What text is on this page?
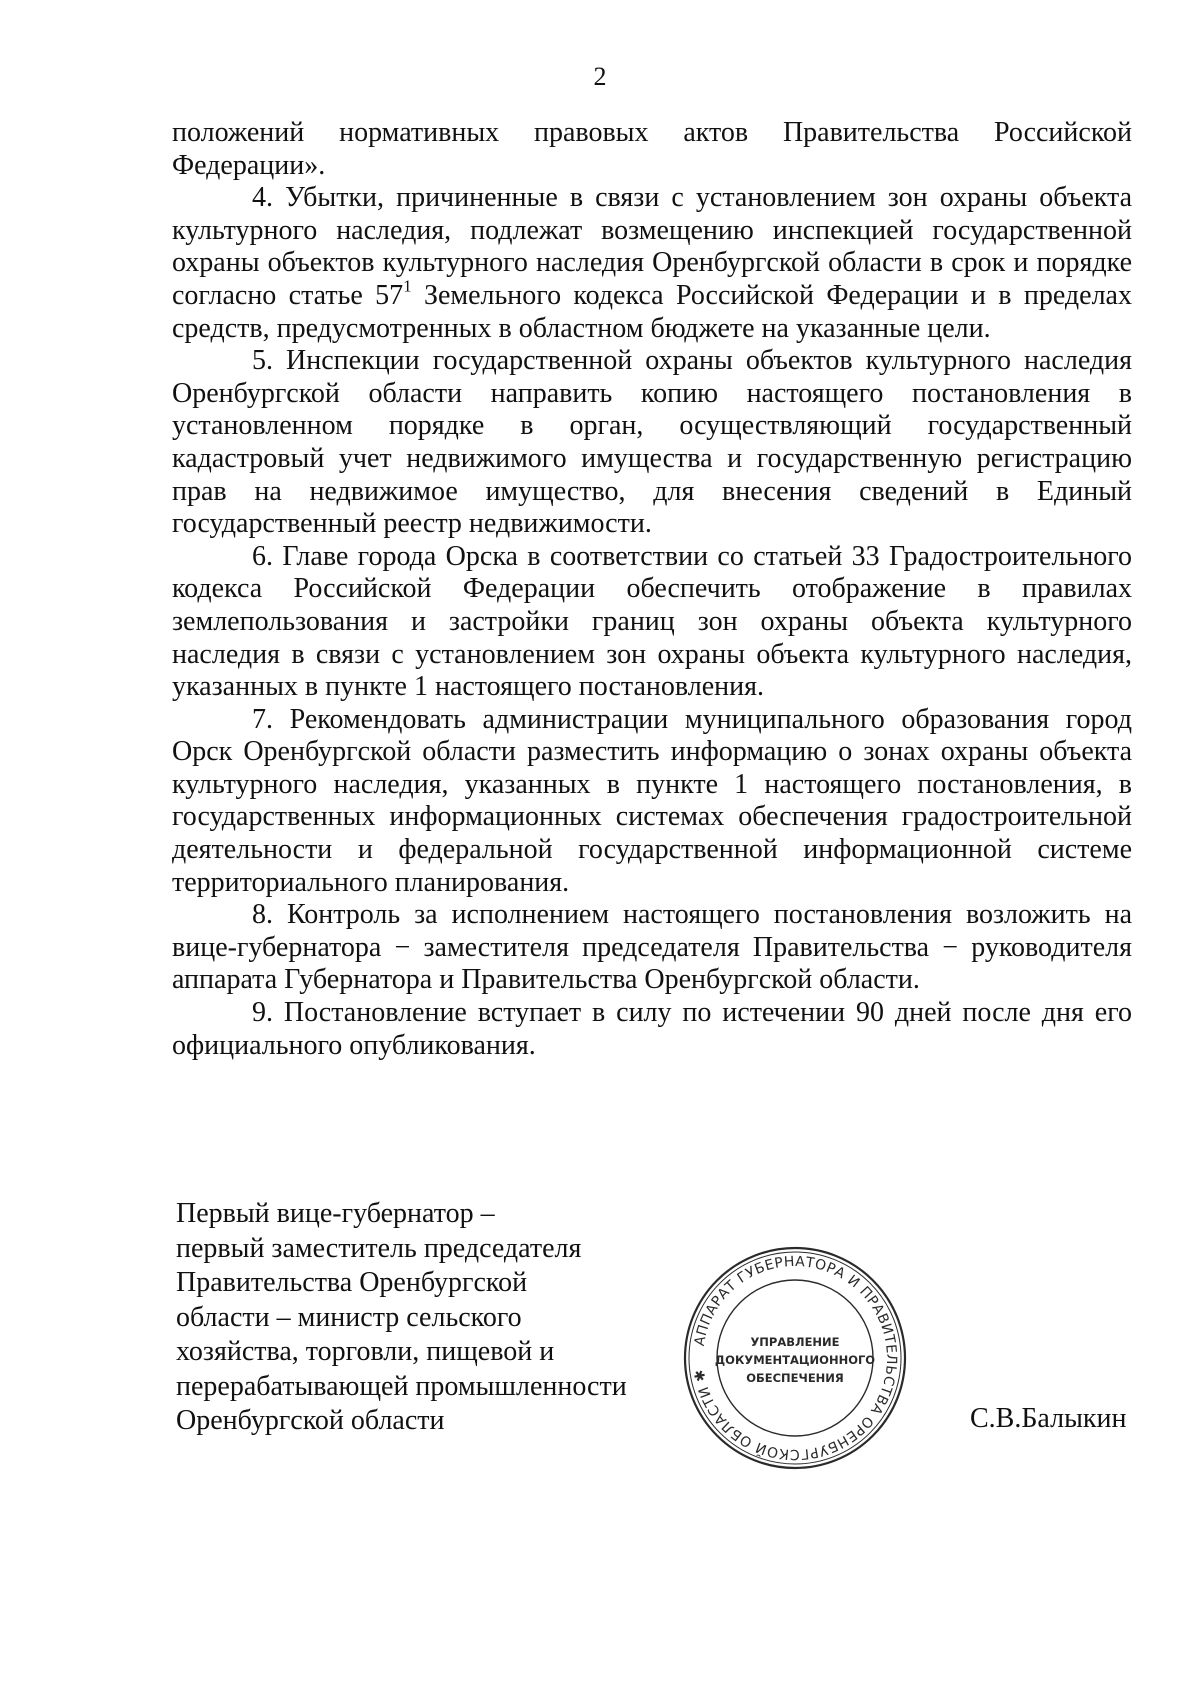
2

положений нормативных правовых актов Правительства Российской Федерации».

4. Убытки, причиненные в связи с установлением зон охраны объекта культурного наследия, подлежат возмещению инспекцией государственной охраны объектов культурного наследия Оренбургской области в срок и порядке согласно статье $57^1$ Земельного кодекса Российской Федерации и в пределах средств, предусмотренных в областном бюджете на указанные цели.

5. Инспекции государственной охраны объектов культурного наследия Оренбургской области направить копию настоящего постановления в установленном порядке в орган, осуществляющий государственный кадастровый учет недвижимого имущества и государственную регистрацию прав на недвижимое имущество, для внесения сведений в Единый государственный реестр недвижимости.

6. Главе города Орска в соответствии со статьей 33 Градостроительного кодекса Российской Федерации обеспечить отображение в правилах землепользования и застройки границ зон охраны объекта культурного наследия в связи с установлением зон охраны объекта культурного наследия, указанных в пункте 1 настоящего постановления.

7. Рекомендовать администрации муниципального образования город Орск Оренбургской области разместить информацию о зонах охраны объекта культурного наследия, указанных в пункте 1 настоящего постановления, в государственных информационных системах обеспечения градостроительной деятельности и федеральной государственной информационной системе территориального планирования.

8. Контроль за исполнением настоящего постановления возложить на вице-губернатора − заместителя председателя Правительства − руководителя аппарата Губернатора и Правительства Оренбургской области.

9. Постановление вступает в силу по истечении 90 дней после дня его официального опубликования.

Первый вице-губернатор –
первый заместитель председателя
Правительства Оренбургской
области – министр сельского
хозяйства, торговли, пищевой и
перерабатывающей промышленности
Оренбургской области	С.В.Балыкин
АППАРАТ ГУБЕРНАТОРА И ПРАВИТЕЛЬСТВА ОРЕНБУРГСКОЙ ОБЛАСТИ ✱
УПРАВЛЕНИЕ
ДОКУМЕНТАЦИОННОГО
ОБЕСПЕЧЕНИЯ
